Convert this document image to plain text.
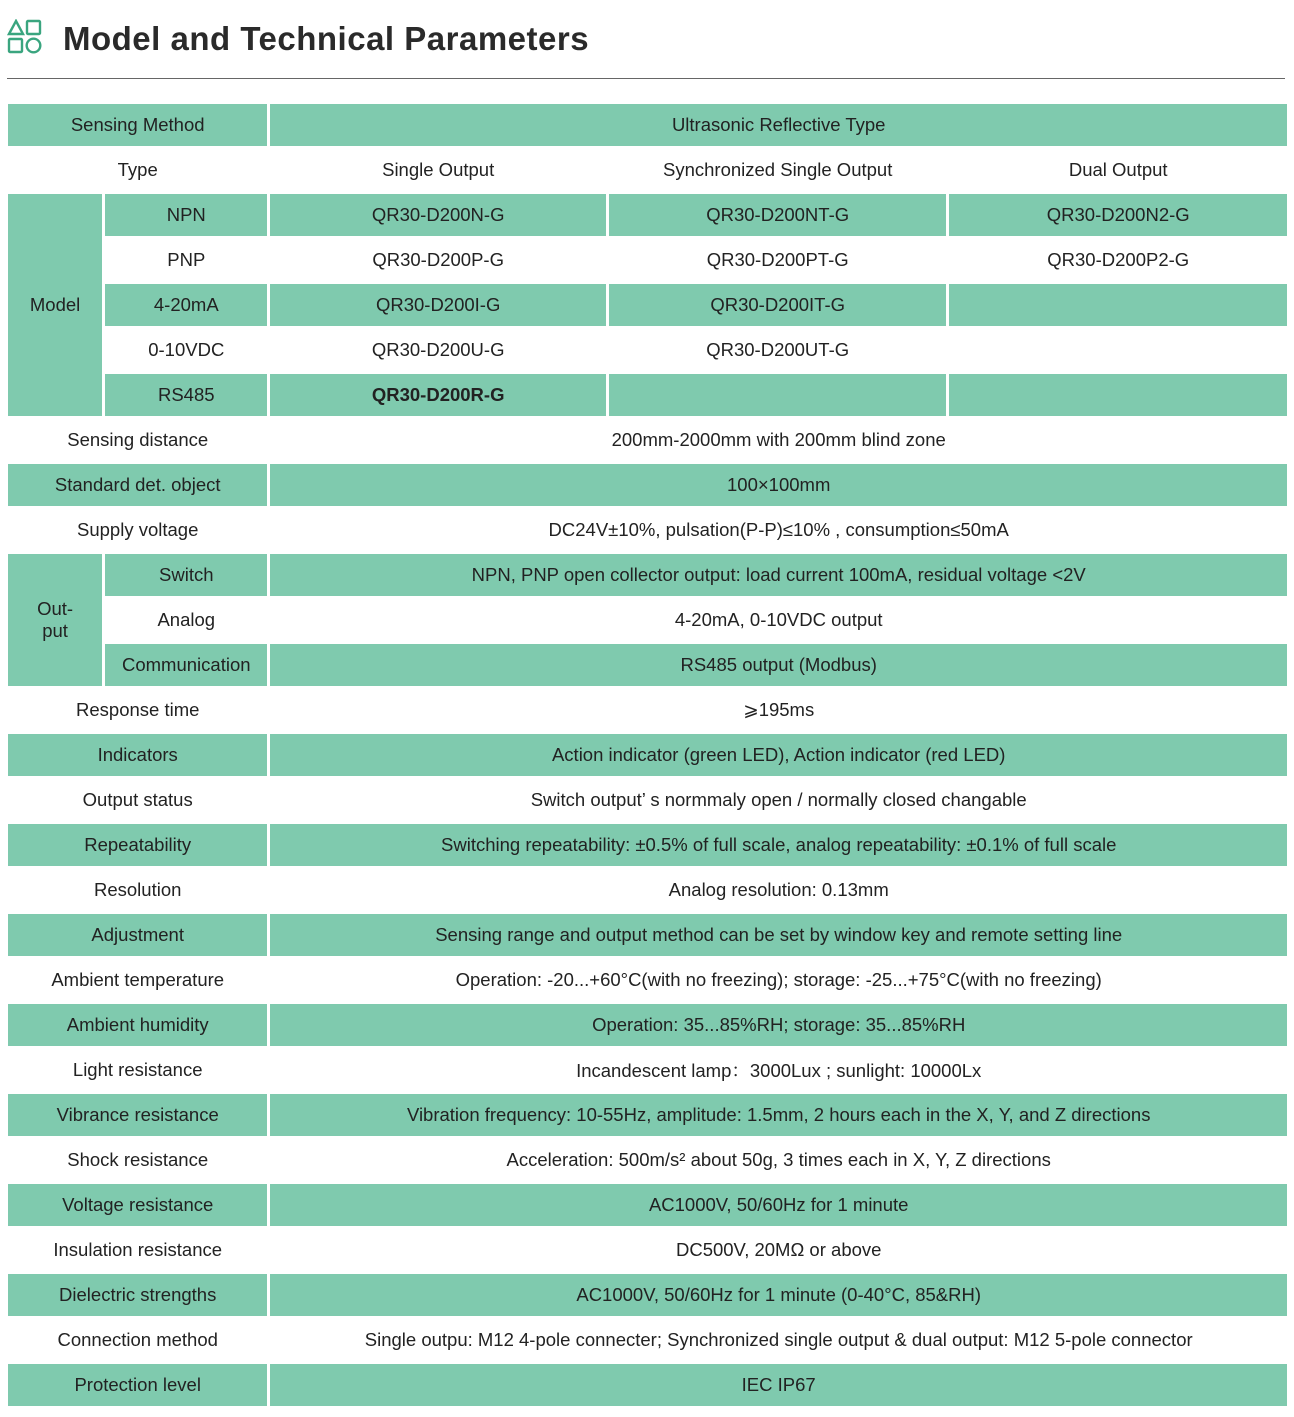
Model and Technical Parameters
Sensing Method		Ultrasonic Reflective Type		
Type		Single Output	Synchronized Single Output	Dual Output
Model	NPN	QR30-D200N-G	QR30-D200NT-G	QR30-D200N2-G
	PNP	QR30-D200P-G	QR30-D200PT-G	QR30-D200P2-G
	4-20mA	QR30-D200I-G	QR30-D200IT-G	
	0-10VDC	QR30-D200U-G	QR30-D200UT-G	
	RS485	QR30-D200R-G		
Sensing distance		200mm-2000mm with 200mm blind zone		
Standard det. object		100×100mm		
Supply voltage		DC24V±10%, pulsation(P-P)≤10% , consumption≤50mA		
Out-
put	Switch	NPN, PNP open collector output: load current 100mA, residual voltage <2V		
	Analog	4-20mA, 0-10VDC output		
	Communication	RS485 output (Modbus)		
Response time		⩾195ms		
Indicators		Action indicator (green LED), Action indicator (red LED)		
Output status		Switch output’ s normmaly open / normally closed changable		
Repeatability		Switching repeatability: ±0.5% of full scale, analog repeatability: ±0.1% of full scale		
Resolution		Analog resolution: 0.13mm		
Adjustment		Sensing range and output method can be set by window key and remote setting line		
Ambient temperature		Operation: -20...+60°C(with no freezing); storage: -25...+75°C(with no freezing)		
Ambient humidity		Operation: 35...85%RH; storage: 35...85%RH		
Light resistance		Incandescent lamp：3000Lux ; sunlight: 10000Lx		
Vibrance resistance		Vibration frequency: 10-55Hz, amplitude: 1.5mm, 2 hours each in the X, Y, and Z directions		
Shock resistance		Acceleration: 500m/s² about 50g, 3 times each in X, Y, Z directions		
Voltage resistance		AC1000V, 50/60Hz for 1 minute		
Insulation resistance		DC500V, 20MΩ or above		
Dielectric strengths		AC1000V, 50/60Hz for 1 minute (0-40°C, 85&RH)		
Connection method		Single outpu: M12 4-pole connecter; Synchronized single output & dual output: M12 5-pole connector		
Protection level		IEC IP67		
